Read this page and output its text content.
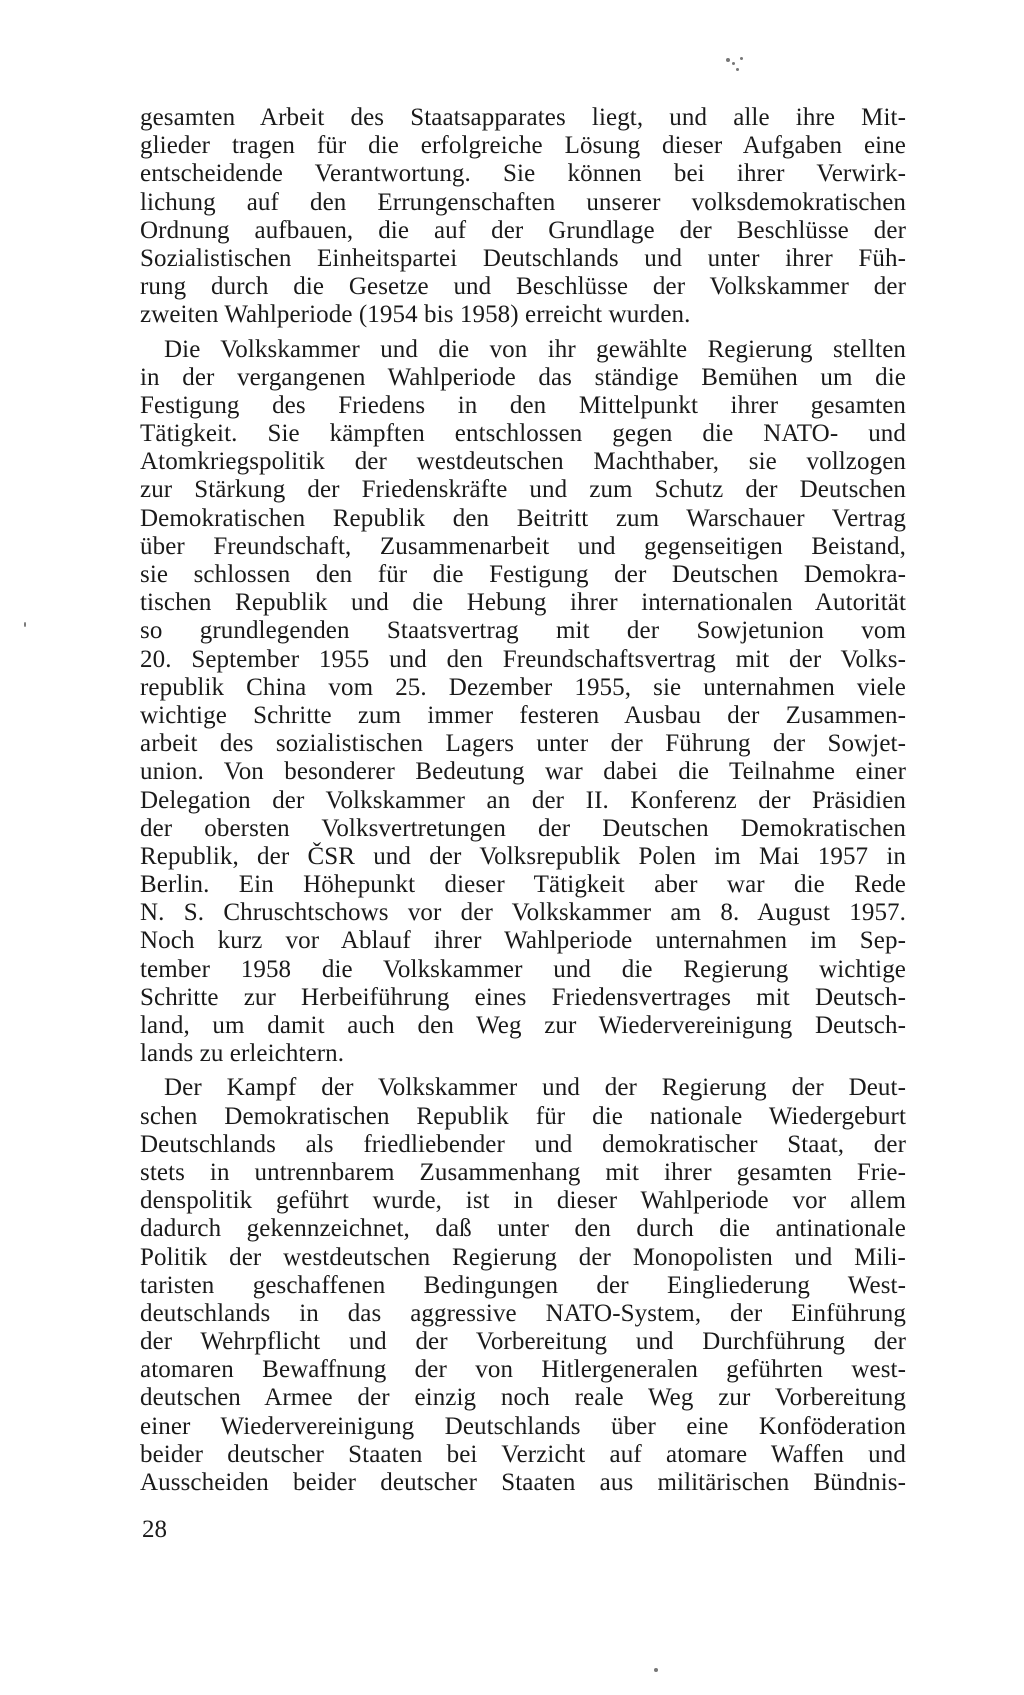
gesamten Arbeit des Staatsapparates liegt, und alle ihre Mit-
glieder tragen für die erfolgreiche Lösung dieser Aufgaben eine
entscheidende Verantwortung. Sie können bei ihrer Verwirk-
lichung auf den Errungenschaften unserer volksdemokratischen
Ordnung aufbauen, die auf der Grundlage der Beschlüsse der
Sozialistischen Einheitspartei Deutschlands und unter ihrer Füh-
rung durch die Gesetze und Beschlüsse der Volkskammer der
zweiten Wahlperiode (1954 bis 1958) erreicht wurden.
Die Volkskammer und die von ihr gewählte Regierung stellten
in der vergangenen Wahlperiode das ständige Bemühen um die
Festigung des Friedens in den Mittelpunkt ihrer gesamten
Tätigkeit. Sie kämpften entschlossen gegen die NATO- und
Atomkriegspolitik der westdeutschen Machthaber, sie vollzogen
zur Stärkung der Friedenskräfte und zum Schutz der Deutschen
Demokratischen Republik den Beitritt zum Warschauer Vertrag
über Freundschaft, Zusammenarbeit und gegenseitigen Beistand,
sie schlossen den für die Festigung der Deutschen Demokra-
tischen Republik und die Hebung ihrer internationalen Autorität
so grundlegenden Staatsvertrag mit der Sowjetunion vom
20. September 1955 und den Freundschaftsvertrag mit der Volks-
republik China vom 25. Dezember 1955, sie unternahmen viele
wichtige Schritte zum immer festeren Ausbau der Zusammen-
arbeit des sozialistischen Lagers unter der Führung der Sowjet-
union. Von besonderer Bedeutung war dabei die Teilnahme einer
Delegation der Volkskammer an der II. Konferenz der Präsidien
der obersten Volksvertretungen der Deutschen Demokratischen
Republik, der ČSR und der Volksrepublik Polen im Mai 1957 in
Berlin. Ein Höhepunkt dieser Tätigkeit aber war die Rede
N. S. Chruschtschows vor der Volkskammer am 8. August 1957.
Noch kurz vor Ablauf ihrer Wahlperiode unternahmen im Sep-
tember 1958 die Volkskammer und die Regierung wichtige
Schritte zur Herbeiführung eines Friedensvertrages mit Deutsch-
land, um damit auch den Weg zur Wiedervereinigung Deutsch-
lands zu erleichtern.
Der Kampf der Volkskammer und der Regierung der Deut-
schen Demokratischen Republik für die nationale Wiedergeburt
Deutschlands als friedliebender und demokratischer Staat, der
stets in untrennbarem Zusammenhang mit ihrer gesamten Frie-
denspolitik geführt wurde, ist in dieser Wahlperiode vor allem
dadurch gekennzeichnet, daß unter den durch die antinationale
Politik der westdeutschen Regierung der Monopolisten und Mili-
taristen geschaffenen Bedingungen der Eingliederung West-
deutschlands in das aggressive NATO-System, der Einführung
der Wehrpflicht und der Vorbereitung und Durchführung der
atomaren Bewaffnung der von Hitlergeneralen geführten west-
deutschen Armee der einzig noch reale Weg zur Vorbereitung
einer Wiedervereinigung Deutschlands über eine Konföderation
beider deutscher Staaten bei Verzicht auf atomare Waffen und
Ausscheiden beider deutscher Staaten aus militärischen Bündnis-
28
